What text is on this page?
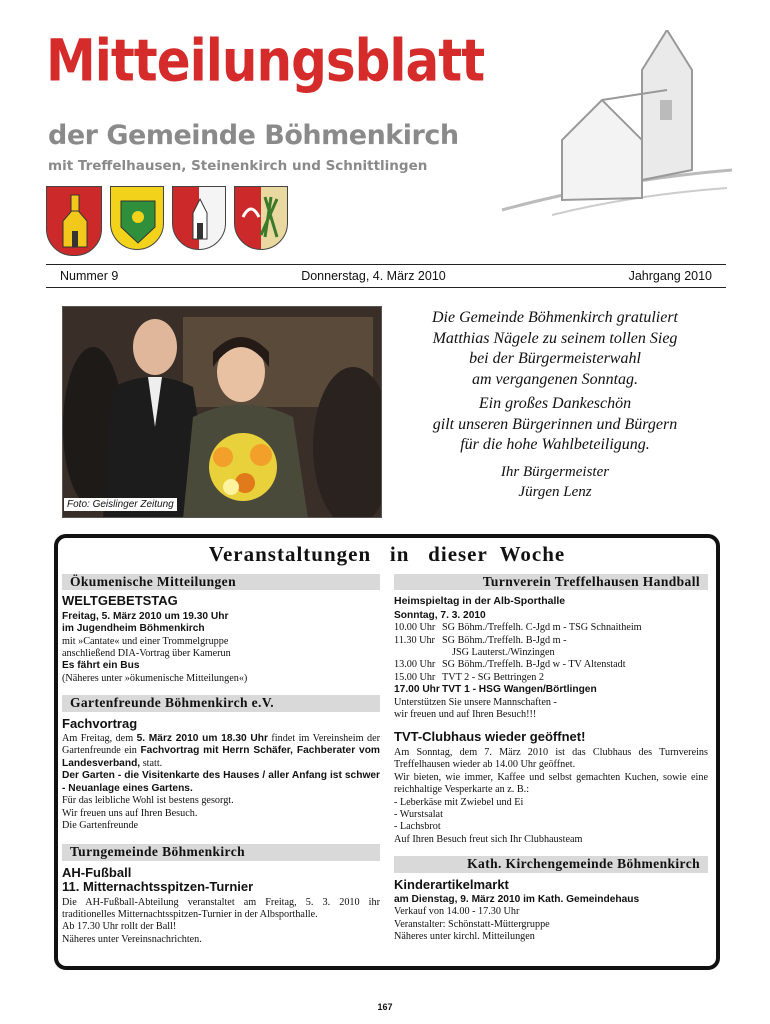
Mitteilungsblatt
der Gemeinde Böhmenkirch
mit Treffelhausen, Steinenkirch und Schnittlingen
Nummer 9	Donnerstag, 4. März 2010	Jahrgang 2010
Foto: Geislinger Zeitung
Die Gemeinde Böhmenkirch gratuliert
Matthias Nägele zu seinem tollen Sieg
bei der Bürgermeisterwahl
am vergangenen Sonntag.
Ein großes Dankeschön
gilt unseren Bürgerinnen und Bürgern
für die hohe Wahlbeteiligung.
Ihr Bürgermeister
Jürgen Lenz
Veranstaltungen   in   dieser  Woche
Ökumenische Mitteilungen
WELTGEBETSTAG
Freitag, 5. März 2010 um 19.30 Uhr
im Jugendheim Böhmenkirch
mit »Cantate« und einer Trommelgruppe
anschließend DIA-Vortrag über Kamerun
Es fährt ein Bus
(Näheres unter »ökumenische Mitteilungen«)
Gartenfreunde Böhmenkirch e.V.
Fachvortrag
Am Freitag, dem 5. März 2010 um 18.30 Uhr findet im Vereinsheim der Gartenfreunde ein Fachvortrag mit Herrn Schäfer, Fachberater vom Landesverband, statt.
Der Garten - die Visitenkarte des Hauses / aller Anfang ist schwer - Neuanlage eines Gartens.
Für das leibliche Wohl ist bestens gesorgt.
Wir freuen uns auf Ihren Besuch.
Die Gartenfreunde
Turngemeinde Böhmenkirch
AH-Fußball
11. Mitternachtsspitzen-Turnier
Die AH-Fußball-Abteilung veranstaltet am Freitag, 5. 3. 2010 ihr traditionelles Mitternachtsspitzen-Turnier in der Albsporthalle.
Ab 17.30 Uhr rollt der Ball!
Näheres unter Vereinsnachrichten.
Turnverein Treffelhausen Handball
Heimspieltag in der Alb-Sporthalle
Sonntag, 7. 3. 2010
10.00 Uhr SG Böhm./Treffelh. C-Jgd m - TSG Schnaitheim
11.30 Uhr SG Böhm./Treffelh. B-Jgd m -
JSG Lauterst./Winzingen
13.00 Uhr SG Böhm./Treffelh. B-Jgd w - TV Altenstadt
15.00 Uhr TVT 2 - SG Bettringen 2
17.00 Uhr TVT 1 - HSG Wangen/Börtlingen
Unterstützen Sie unsere Mannschaften -
wir freuen und auf Ihren Besuch!!!
TVT-Clubhaus wieder geöffnet!
Am Sonntag, dem 7. März 2010 ist das Clubhaus des Turnvereins Treffelhausen wieder ab 14.00 Uhr geöffnet.
Wir bieten, wie immer, Kaffee und selbst gemachten Kuchen, sowie eine reichhaltige Vesperkarte an z. B.:
- Leberkäse mit Zwiebel und Ei
- Wurstsalat
- Lachsbrot
Auf Ihren Besuch freut sich Ihr Clubhausteam
Kath. Kirchengemeinde Böhmenkirch
Kinderartikelmarkt
am Dienstag, 9. März 2010 im Kath. Gemeindehaus
Verkauf von 14.00 - 17.30 Uhr
Veranstalter: Schönstatt-Müttergruppe
Näheres unter kirchl. Mitteilungen
167
